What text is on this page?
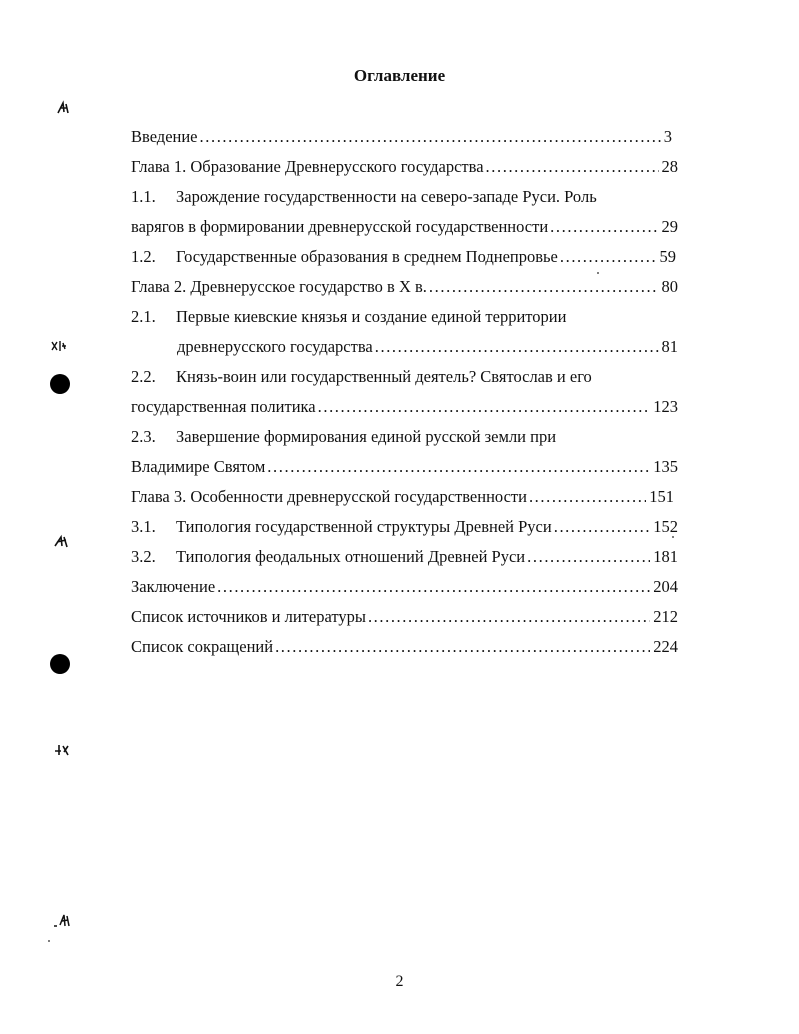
Оглавление
Введение .....	3
Глава 1. Образование Древнерусского государства .....	28
1.1.	Зарождение государственности на северо-западе Руси. Роль
варягов в формировании древнерусской государственности .....	29
1.2.	Государственные образования в среднем Поднепровье .....	59
Глава 2. Древнерусское государство в X в. .....	80
2.1.	Первые киевские князья и создание единой территории
древнерусского государства .....	81
2.2.	Князь-воин или государственный деятель? Святослав и его
государственная политика .....	123
2.3.	Завершение формирования единой русской земли при
Владимире Святом .....	135
Глава 3. Особенности древнерусской государственности .....	151
3.1.	Типология государственной структуры Древней Руси .....	152
3.2.	Типология феодальных отношений Древней Руси .....	181
Заключение .....	204
Список источников и литературы .....	212
Список сокращений .....	224
2
